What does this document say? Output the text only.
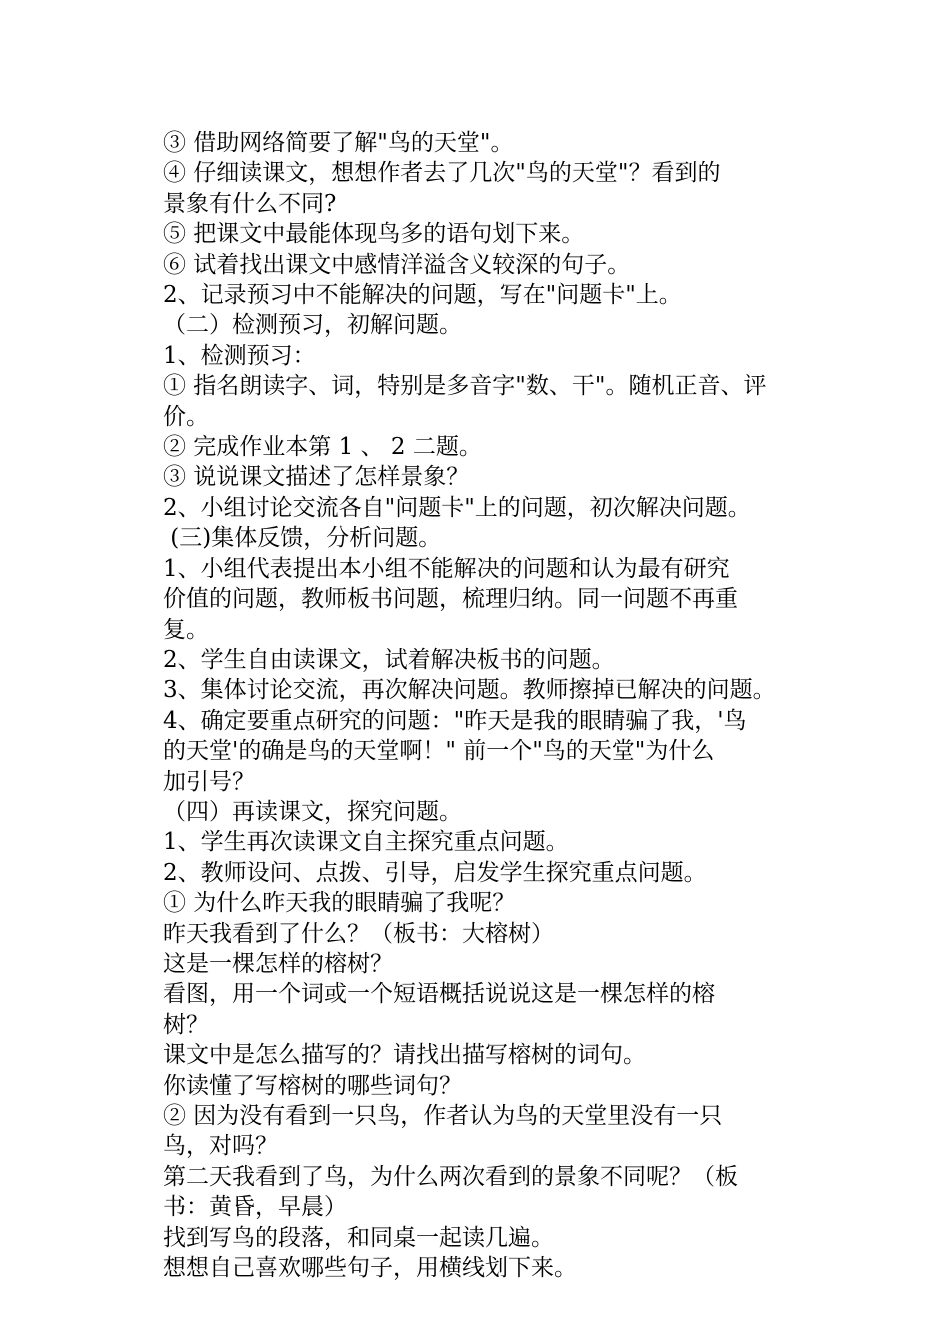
③ 借助网络简要了解"鸟的天堂"。
④ 仔细读课文，想想作者去了几次"鸟的天堂"？看到的
景象有什么不同?
⑤ 把课文中最能体现鸟多的语句划下来。
⑥ 试着找出课文中感情洋溢含义较深的句子。
2、记录预习中不能解决的问题，写在"问题卡"上。
（二）检测预习，初解问题。
1、检测预习：
① 指名朗读字、词，特别是多音字"数、干"。随机正音、评
价。
② 完成作业本第 1 、 2 二题。
③ 说说课文描述了怎样景象？
2、小组讨论交流各自"问题卡"上的问题，初次解决问题。
(三)集体反馈，分析问题。
1、小组代表提出本小组不能解决的问题和认为最有研究
价值的问题，教师板书问题，梳理归纳。同一问题不再重
复。
2、学生自由读课文，试着解决板书的问题。
3、集体讨论交流，再次解决问题。教师擦掉已解决的问题。
4、确定要重点研究的问题："昨天是我的眼睛骗了我，'鸟
的天堂'的确是鸟的天堂啊！" 前一个"鸟的天堂"为什么
加引号？
（四）再读课文，探究问题。
1、学生再次读课文自主探究重点问题。
2、教师设问、点拨、引导，启发学生探究重点问题。
① 为什么昨天我的眼睛骗了我呢？
昨天我看到了什么？（板书：大榕树）
这是一棵怎样的榕树？
看图，用一个词或一个短语概括说说这是一棵怎样的榕
树？
课文中是怎么描写的？请找出描写榕树的词句。
你读懂了写榕树的哪些词句？
② 因为没有看到一只鸟，作者认为鸟的天堂里没有一只
鸟，对吗？
第二天我看到了鸟，为什么两次看到的景象不同呢？（板
书：黄昏，早晨）
找到写鸟的段落，和同桌一起读几遍。
想想自己喜欢哪些句子，用横线划下来。
